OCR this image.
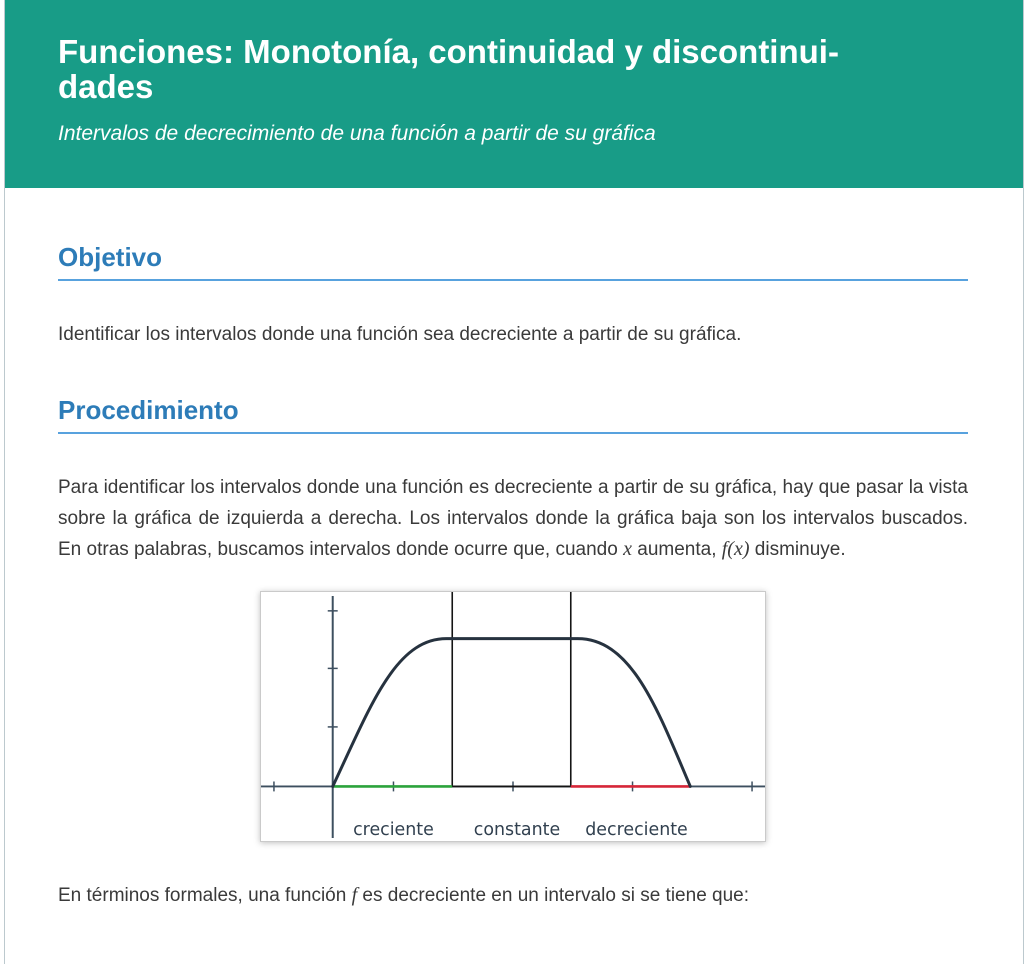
Funciones: Monotonía, continuidad y discontinui-
dades

Intervalos de decrecimiento de una función a partir de su gráfica

Objetivo

Identificar los intervalos donde una función sea decreciente a partir de su gráfica.

Procedimiento

Para identificar los intervalos donde una función es decreciente a partir de su gráfica, hay que pasar la vista sobre la gráfica de izquierda a derecha. Los intervalos donde la gráfica baja son los intervalos buscados. En otras palabras, buscamos intervalos donde ocurre que, cuando x aumenta, f(x) disminuye.

creciente constante decreciente

En términos formales, una función f es decreciente en un intervalo si se tiene que:
